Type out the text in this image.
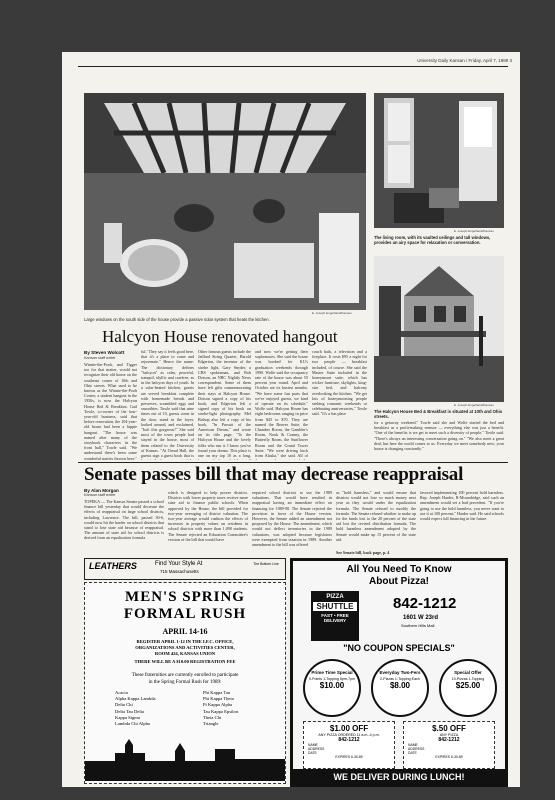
University Daily Kansan / Friday, April 7, 1989 3
E. Joseph Engelhardt/Kansan
Large windows on the south side of the house provide a passive solar system that heats the kitchen.
E. Joseph Engelhardt/Kansan
The living room, with its vaulted ceilings and tall windows, provides an airy space for relaxation or conversation.
E. Joseph Engelhardt/Kansan
The Halcyon House Bed & Breakfast is situated at 10th and Ohio streets.
Halcyon House renovated hangout
By Steven Wolcott
Kansan staff writer
Winnie-the-Pooh, and Tigger too for that matter, would not recognize their old house on the southeast corner of 10th and Ohio streets. What used to be known as the Winnie-the-Pooh Corner, a student hangout in the 1950s, is now the Halcyon House Bed & Breakfast. Gail Towle, co-owner of the four-year-old business, said that before renovation, the 104-year-old house had been a hippie hangout. "The house was named after many of the storybook characters in the front hall," Towle said. "We understand there's been some wonderful parties thrown here."
ful.' They say it feels good here, that it's a place to come and rejuvenate." Hence the name: The dictionary defines "halcyon" as calm, peaceful, tranquil, idyllic and carefree, as in the halcyon days of youth. In a solar-heated kitchen, guests are served breakfast complete with homemade breads and preserves, scrambled eggs and smoothies. Towle said that nine times out of 10, guests come in the door, stand in the foyer, looked around, and exclaimed, "Isn't this gorgeous?" She said most of the town people had stayed in the house, most of them related to the University of Kansas. "At Oread Hall, the guests sign a guest book that is
Other famous guests include the Jaillard String Quartet, Harold Edgerton, the inventor of the strobe light, Gary Snyder, a CBS spokesman, and Bob Dotson, an NBC Nightly News correspondent. Some of them have left gifts commemorating their stays at Halcyon House. Dotson signed a copy of his book, and Edgerton left a signed copy of his book on strobe-light photography. Mel Bishop also left a copy of his book, "In Pursuit of the American Dream," and wrote on its title page, "To the Halcyon House and the lovely folks who run it. I know you've found your dream. This place is one on my top 10 as a long,
and now we're getting their sophomores. She said the house was booked for KU's graduation weekends through 1990. Wolfe said the occupancy rate of the house was about 55 percent year round. April and October are its busiest months. "We have some fun parts that we've enjoyed guests, we kind of operate on its schedule," Wolfe said. Halcyon House has eight bedrooms ranging in price from $45 to $70. They are named the Beaver Suite, the Chamber Room, the Gambler's Room, Nook & Cranny, the Butterfly Room, the Sunflower Room and the Grand Tower Suite. "We were driving back from Alaska," she said. All of
couch bath, a television and a fireplace. It costs $95 a night for two people — breakfast included, of course. She said the Master Suite included in the honeymoon suite, which has wicker furniture, skylights, king-size bed, and balcony overlooking the kitchen. "We get lots of honeymooning people seeking romantic weekends or celebrating anniversaries," Towle said. "It's a fun place
for a getaway weekend." Towle said she and Wolfe started the bed and breakfast as a profit-making venture — everything else was just a benefit. "One of the benefits is we get to meet such a diversity of people," Towle said. "There's always an interesting conversation going on." "We also meet a great deal, but here the world comes to us. Everyday we meet somebody new; your house is changing constantly."
Senate passes bill that may decrease reappraisal
By Alan Morgan
Kansan staff writer
TOPEKA — The Kansas Senate passed a school finance bill yesterday that would decrease the effects of reappraisal on large school districts, including Lawrence. The bill, passed 30-6, would now hit the harder on school districts that stand to lose state aid because of reappraisal. The amount of state aid for school districts is derived from an equalization formula
which is designed to help poorer districts. Districts with lower property taxes receive more state aid to finance public schools. When approved by the House, the bill provided for two-year averaging of district valuation. The two-year average would cushion the effects of increases in property values on residents in school districts with more than 1,000 students. The Senate rejected an Education Committee's version of the bill that would have
required school districts to use the 1989 valuations. That would have resulted in reappraisal having an immediate effect on financing for 1989-90. The Senate rejected the provision in favor of the House version. However, the Senate added an amendment not proposed by the House. The amendment, which would not deflect inventories in the 1989 valuations, was adopted because legislators were exempted from taxation in 1989. Another amendment to the bill was offered
as "hold harmless," and would ensure that districts would not lose so much money next year as they would under the equalization formula. The Senate refused to modify the formula. The Senate refused whether to make up for the funds lost to the 20 percent of the state aid lost the revised distribution formula. The hold harmless amendment adopted by the Senate would make up 15 percent of the state aid.
See Senate bill, back page, p. 4
favored implementing 100 percent hold harmless. Rep. Joseph Harder, R-Moundridge, said such an amendment would set a bad precedent. "If you're going to use the hold harmless, you never want to use it at 100 percent," Harder said. He said schools would expect full financing in the future.
LEATHERS	Find Your Style At
715 Massachusetts
The Bottom Line
MEN'S SPRING
FORMAL RUSH
APRIL 14-16
REGISTER APRIL 1-12 IN THE I.F.C. OFFICE,
ORGANIZATIONS AND ACTIVITIES CENTER,
ROOM 424, KANSAS UNION
THERE WILL BE A $10.00 REGISTRATION FEE
These fraternities are currently enrolled to participate
in the Spring Formal Rush for 1989:
Acacia
Alpha Kappa Lambda
Delta Chi
Delta Tau Delta
Kappa Sigma
Lambda Chi Alpha
Phi Kappa Tau
Phi Kappa Theta
Pi Kappa Alpha
Tau Kappa Epsilon
Theta Chi
Triangle
All You Need To Know
About Pizza!
PIZZA
SHUTTLE
FAST • FREE
DELIVERY
842-1212
1601 W 23rd
Southern Hills Mall
"NO COUPON SPECIALS"
Prime Time Special
9-Points 1-Topping 5pm-7pm
$10.00
Everyday Two-Fers
2-Pizzas 1-Topping Each
$8.00
Special Offer
10-Pizzas 1-Topping
$25.00
$1.00 OFF
ANY PIZZA ORDERED 11 a.m.-4 p.m.
842-1212
NAME
ADDRESS
DATE
EXPIRES 6-30-89
$.50 OFF
ANY PIZZA
842-1212
NAME
ADDRESS
DATE
EXPIRES 6-30-89
WE DELIVER DURING LUNCH!
